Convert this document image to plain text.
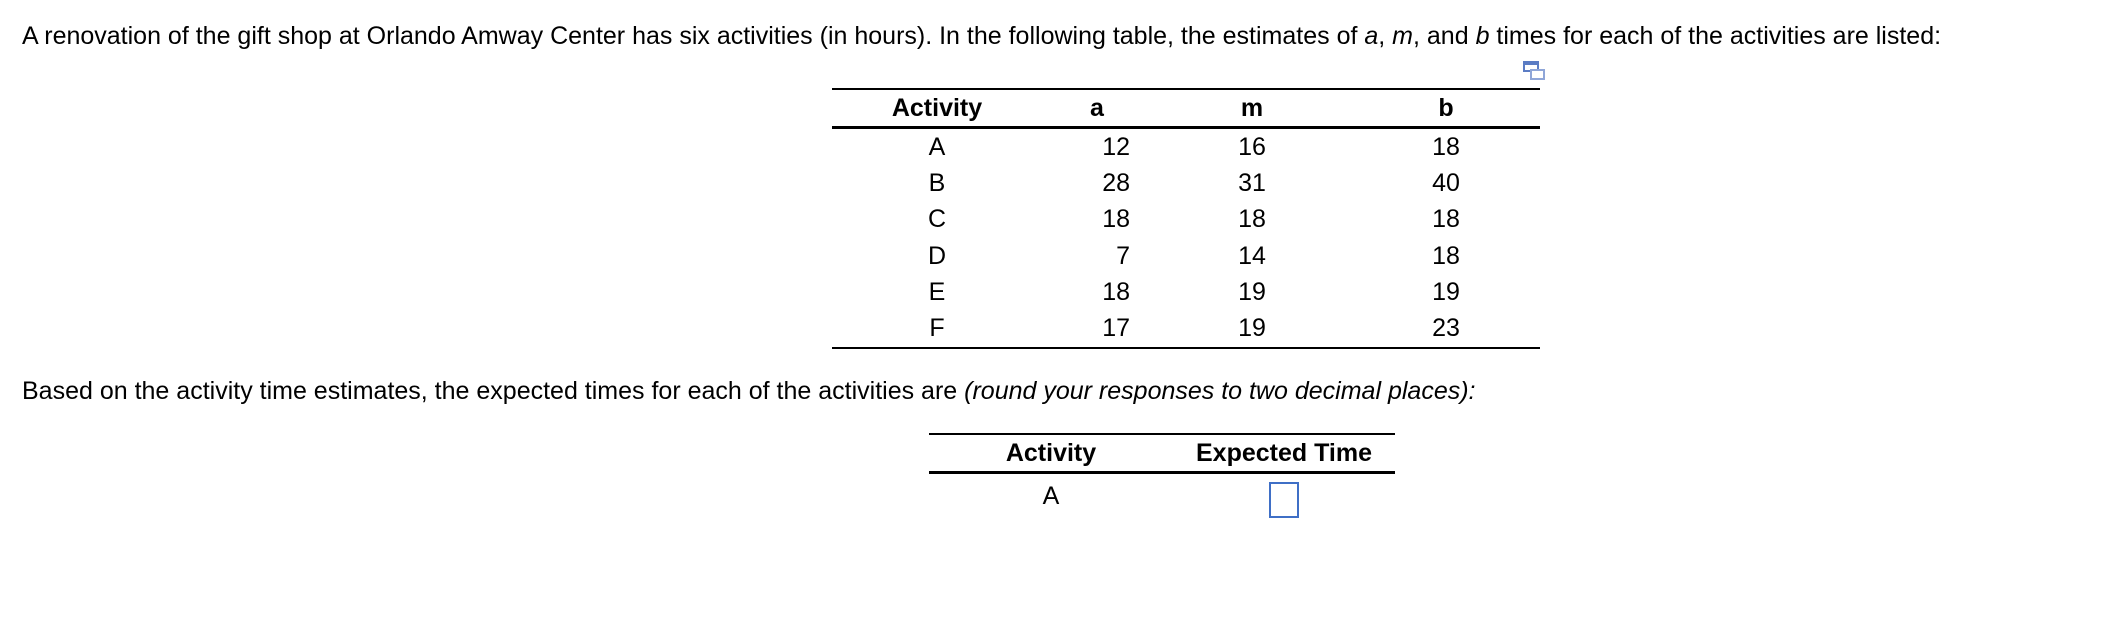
A renovation of the gift shop at Orlando Amway Center has six activities (in hours). In the following table, the estimates of a, m, and b times for each of the activities are listed:
Activity	a	m	b
A	12	16	18
B	28	31	40
C	18	18	18
D	7	14	18
E	18	19	19
F	17	19	23
Based on the activity time estimates, the expected times for each of the activities are (round your responses to two decimal places):
Activity	Expected Time
A	
